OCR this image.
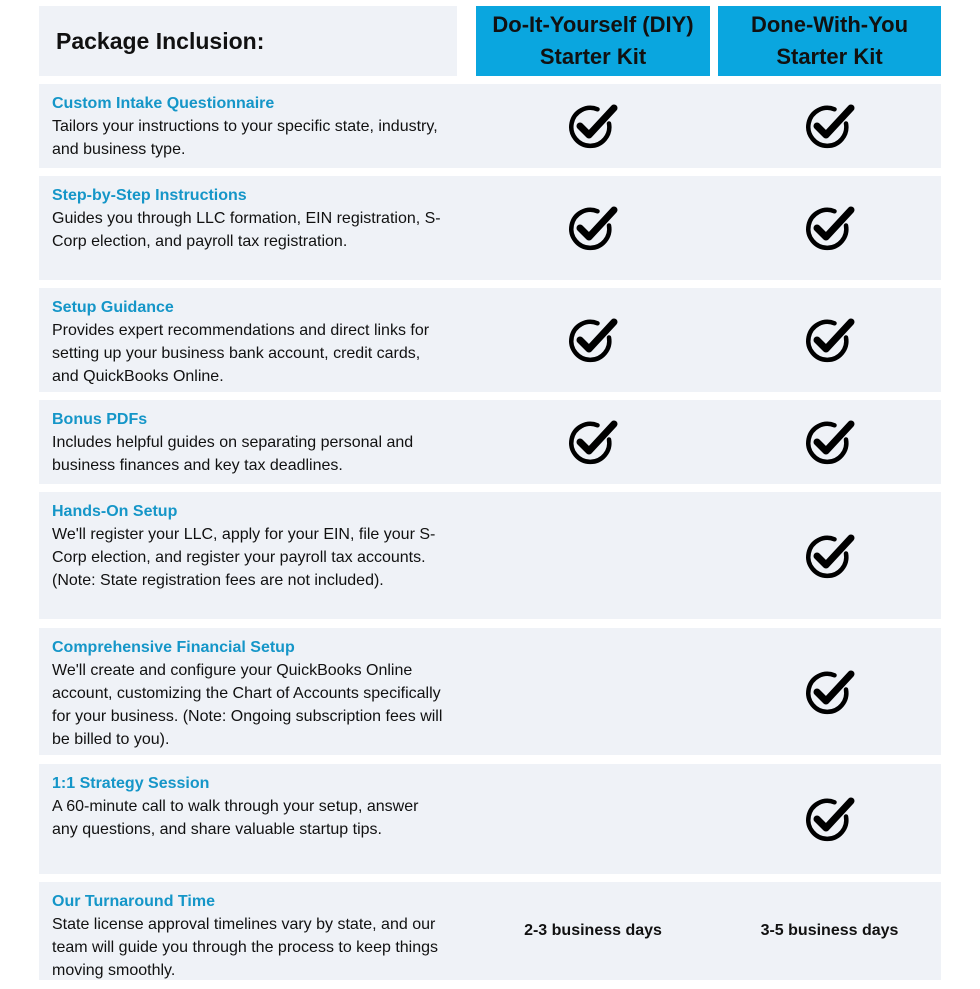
Package Inclusion:
Do-It-Yourself (DIY)
Starter Kit
Done-With-You
Starter Kit
Custom Intake Questionnaire
Tailors your instructions to your specific state, industry, and business type.
Step-by-Step Instructions
Guides you through LLC formation, EIN registration, S-Corp election, and payroll tax registration.
Setup Guidance
Provides expert recommendations and direct links for setting up your business bank account, credit cards, and QuickBooks Online.
Bonus PDFs
Includes helpful guides on separating personal and business finances and key tax deadlines.
Hands-On Setup
We'll register your LLC, apply for your EIN, file your S-Corp election, and register your payroll tax accounts. (Note: State registration fees are not included).
Comprehensive Financial Setup
We'll create and configure your QuickBooks Online account, customizing the Chart of Accounts specifically for your business. (Note: Ongoing subscription fees will be billed to you).
1:1 Strategy Session
A 60-minute call to walk through your setup, answer any questions, and share valuable startup tips.
Our Turnaround Time
State license approval timelines vary by state, and our team will guide you through the process to keep things moving smoothly.
2-3 business days	3-5 business days
